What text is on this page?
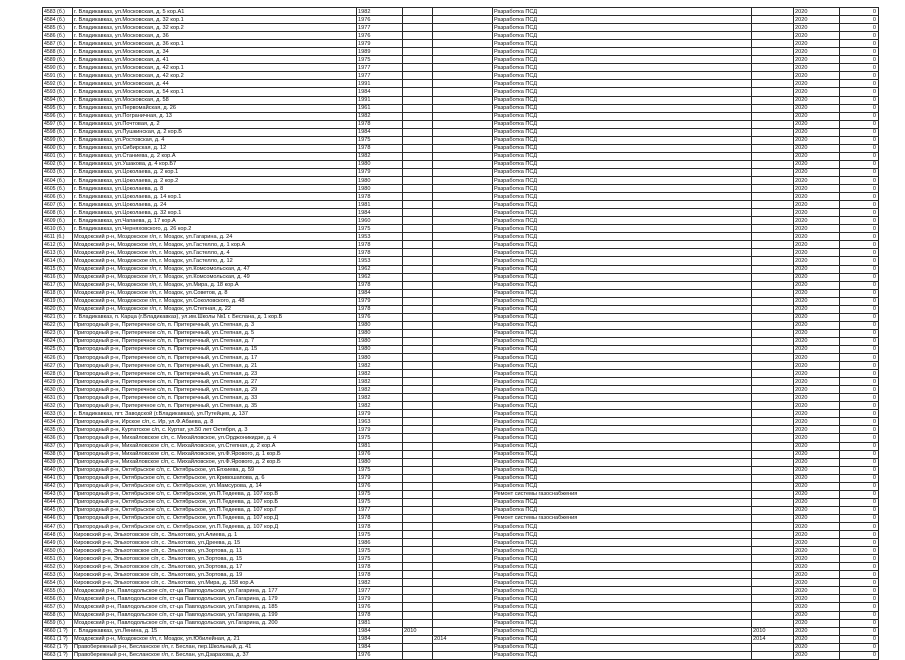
4583 (б.)	г. Владикавказ, ул.Московская, д. 5 кор.А1	1982			Разработка ПСД		2020	0
4584 (б.)	г. Владикавказ, ул.Московская, д. 32 кор.1	1976			Разработка ПСД		2020	0
4585 (б.)	г. Владикавказ, ул.Московская, д. 32 кор.2	1977			Разработка ПСД		2020	0
4586 (б.)	г. Владикавказ, ул.Московская, д. 36	1976			Разработка ПСД		2020	0
4587 (б.)	г. Владикавказ, ул.Московская, д. 36 кор.1	1979			Разработка ПСД		2020	0
4588 (б.)	г. Владикавказ, ул.Московская, д. 34	1989			Разработка ПСД		2020	0
4589 (б.)	г. Владикавказ, ул.Московская, д. 41	1975			Разработка ПСД		2020	0
4590 (б.)	г. Владикавказ, ул.Московская, д. 42 кор.1	1977			Разработка ПСД		2020	0
4591 (б.)	г. Владикавказ, ул.Московская, д. 42 кор.2	1977			Разработка ПСД		2020	0
4592 (б.)	г. Владикавказ, ул.Московская, д. 44	1991			Разработка ПСД		2020	0
4593 (б.)	г. Владикавказ, ул.Московская, д. 54 кор.1	1984			Разработка ПСД		2020	0
4594 (б.)	г. Владикавказ, ул.Московская, д. 58	1991			Разработка ПСД		2020	0
4595 (б.)	г. Владикавказ, ул.Первомайская, д. 26	1961			Разработка ПСД		2020	0
4596 (б.)	г. Владикавказ, ул.Пограничная, д. 13	1982			Разработка ПСД		2020	0
4597 (б.)	г. Владикавказ, ул.Почтовая, д. 2	1978			Разработка ПСД		2020	0
4598 (б.)	г. Владикавказ, ул.Пушкинская, д. 2 кор.Б	1984			Разработка ПСД		2020	0
4599 (б.)	г. Владикавказ, ул.Ростовская, д. 4	1975			Разработка ПСД		2020	0
4600 (б.)	г. Владикавказ, ул.Сибирская, д. 12	1978			Разработка ПСД		2020	0
4601 (б.)	г. Владикавказ, ул.Станиева, д. 2 кор.А	1982			Разработка ПСД		2020	0
4602 (б.)	г. Владикавказ, ул.Ушакова, д. 4 кор.Б7	1980			Разработка ПСД		2020	0
4603 (б.)	г. Владикавказ, ул.Цоколаева, д. 2 кор.1	1979			Разработка ПСД		2020	0
4604 (б.)	г. Владикавказ, ул.Цоколаева, д. 2 кор.2	1980			Разработка ПСД		2020	0
4605 (б.)	г. Владикавказ, ул.Цоколаева, д. 8	1980			Разработка ПСД		2020	0
4606 (б.)	г. Владикавказ, ул.Цоколаева, д. 14 кор.1	1978			Разработка ПСД		2020	0
4607 (б.)	г. Владикавказ, ул.Цоколаева, д. 24	1981			Разработка ПСД		2020	0
4608 (б.)	г. Владикавказ, ул.Цоколаева, д. 32 кор.1	1984			Разработка ПСД		2020	0
4609 (б.)	г. Владикавказ, ул.Чапаева, д. 17 кор.А	1960			Разработка ПСД		2020	0
4610 (б.)	г. Владикавказ, ул.Черняховского, д. 26 кор.2	1975			Разработка ПСД		2020	0
4611 (б.)	Моздокский р-н, Моздокское г/п, г. Моздок, ул.Гагарина, д. 24	1953			Разработка ПСД		2020	0
4612 (б.)	Моздокский р-н, Моздокское г/п, г. Моздок, ул.Гастелло, д. 1 кор.А	1978			Разработка ПСД		2020	0
4613 (б.)	Моздокский р-н, Моздокское г/п, г. Моздок, ул.Гастелло, д. 4	1978			Разработка ПСД		2020	0
4614 (б.)	Моздокский р-н, Моздокское г/п, г. Моздок, ул.Гастелло, д. 12	1953			Разработка ПСД		2020	0
4615 (б.)	Моздокский р-н, Моздокское г/п, г. Моздок, ул.Комсомольская, д. 47	1962			Разработка ПСД		2020	0
4616 (б.)	Моздокский р-н, Моздокское г/п, г. Моздок, ул.Комсомольская, д. 49	1962			Разработка ПСД		2020	0
4617 (б.)	Моздокский р-н, Моздокское г/п, г. Моздок, ул.Мира, д. 18 кор.А	1978			Разработка ПСД		2020	0
4618 (б.)	Моздокский р-н, Моздокское г/п, г. Моздок, ул.Советов, д. 8	1984			Разработка ПСД		2020	0
4619 (б.)	Моздокский р-н, Моздокское г/п, г. Моздок, ул.Соколовского, д. 48	1979			Разработка ПСД		2020	0
4620 (б.)	Моздокский р-н, Моздокское г/п, г. Моздок, ул.Степная, д. 22	1978			Разработка ПСД		2020	0
4621 (б.)	г. Владикавказ, п. Карца (г.Владикавказ), ул.им.Школы №1 г. Беслана, д. 1 кор.Б	1976			Разработка ПСД		2020	0
4622 (б.)	Пригородный р-н, Притеречное с/п, п. Притеречный, ул.Степная, д. 3	1980			Разработка ПСД		2020	0
4623 (б.)	Пригородный р-н, Притеречное с/п, п. Притеречный, ул.Степная, д. 5	1980			Разработка ПСД		2020	0
4624 (б.)	Пригородный р-н, Притеречное с/п, п. Притеречный, ул.Степная, д. 7	1980			Разработка ПСД		2020	0
4625 (б.)	Пригородный р-н, Притеречное с/п, п. Притеречный, ул.Степная, д. 15	1980			Разработка ПСД		2020	0
4626 (б.)	Пригородный р-н, Притеречное с/п, п. Притеречный, ул.Степная, д. 17	1980			Разработка ПСД		2020	0
4627 (б.)	Пригородный р-н, Притеречное с/п, п. Притеречный, ул.Степная, д. 21	1982			Разработка ПСД		2020	0
4628 (б.)	Пригородный р-н, Притеречное с/п, п. Притеречный, ул.Степная, д. 23	1982			Разработка ПСД		2020	0
4629 (б.)	Пригородный р-н, Притеречное с/п, п. Притеречный, ул.Степная, д. 27	1982			Разработка ПСД		2020	0
4630 (б.)	Пригородный р-н, Притеречное с/п, п. Притеречный, ул.Степная, д. 29	1982			Разработка ПСД		2020	0
4631 (б.)	Пригородный р-н, Притеречное с/п, п. Притеречный, ул.Степная, д. 33	1982			Разработка ПСД		2020	0
4632 (б.)	Пригородный р-н, Притеречное с/п, п. Притеречный, ул.Степная, д. 35	1982			Разработка ПСД		2020	0
4633 (б.)	г. Владикавказ, пгт. Заводской (г.Владикавказ), ул.Путейцев, д. 137	1979			Разработка ПСД		2020	0
4634 (б.)	Пригородный р-н, Ирское с/п, с. Ир, ул.Ф.Абаева, д. 8	1963			Разработка ПСД		2020	0
4635 (б.)	Пригородный р-н, Куртатское с/п, с. Куртат, ул.50 лет Октября, д. 3	1979			Разработка ПСД		2020	0
4636 (б.)	Пригородный р-н, Михайловское с/п, с. Михайловское, ул.Орджоникидзе, д. 4	1975			Разработка ПСД		2020	0
4637 (б.)	Пригородный р-н, Михайловское с/п, с. Михайловское, ул.Степная, д. 2 кор.А	1981			Разработка ПСД		2020	0
4638 (б.)	Пригородный р-н, Михайловское с/п, с. Михайловское, ул.Ф.Ярового, д. 1 кор.Б	1976			Разработка ПСД		2020	0
4639 (б.)	Пригородный р-н, Михайловское с/п, с. Михайловское, ул.Ф.Ярового, д. 2 кор.Б	1980			Разработка ПСД		2020	0
4640 (б.)	Пригородный р-н, Октябрьское с/п, с. Октябрьское, ул.Епхиева, д. 59	1975			Разработка ПСД		2020	0
4641 (б.)	Пригородный р-н, Октябрьское с/п, с. Октябрьское, ул.Кривошапова, д. 6	1979			Разработка ПСД		2020	0
4642 (б.)	Пригородный р-н, Октябрьское с/п, с. Октябрьское, ул.Мамсурова, д. 14	1976			Разработка ПСД		2020	0
4643 (б.)	Пригородный р-н, Октябрьское с/п, с. Октябрьское, ул.П.Тедеева, д. 107 кор.В	1975			Ремонт системы газоснабжения		2020	0
4644 (б.)	Пригородный р-н, Октябрьское с/п, с. Октябрьское, ул.П.Тедеева, д. 107 кор.Б	1975			Разработка ПСД		2020	0
4645 (б.)	Пригородный р-н, Октябрьское с/п, с. Октябрьское, ул.П.Тедеева, д. 107 кор.Г	1977			Разработка ПСД		2020	0
4646 (б.)	Пригородный р-н, Октябрьское с/п, с. Октябрьское, ул.П.Тедеева, д. 107 кор.Д	1978			Ремонт системы газоснабжения		2020	0
4647 (б.)	Пригородный р-н, Октябрьское с/п, с. Октябрьское, ул.П.Тедеева, д. 107 кор.Д	1978			Разработка ПСД		2020	0
4648 (б.)	Кировский р-н, Эльхотовское с/п, с. Эльхотово, ул.Алиева, д. 1	1975			Разработка ПСД		2020	0
4649 (б.)	Кировский р-н, Эльхотовское с/п, с. Эльхотово, ул.Дреева, д. 15	1986			Разработка ПСД		2020	0
4650 (б.)	Кировский р-н, Эльхотовское с/п, с. Эльхотово, ул.Зортова, д. 11	1975			Разработка ПСД		2020	0
4651 (б.)	Кировский р-н, Эльхотовское с/п, с. Эльхотово, ул.Зортова, д. 15	1975			Разработка ПСД		2020	0
4652 (б.)	Кировский р-н, Эльхотовское с/п, с. Эльхотово, ул.Зортова, д. 17	1978			Разработка ПСД		2020	0
4653 (б.)	Кировский р-н, Эльхотовское с/п, с. Эльхотово, ул.Зортова, д. 19	1978			Разработка ПСД		2020	0
4654 (б.)	Кировский р-н, Эльхотовское с/п, с. Эльхотово, ул.Мира, д. 158 кор.А	1982			Разработка ПСД		2020	0
4655 (б.)	Моздокский р-н, Павлодольское с/п, ст-ца Павлодольская, ул.Гагарина, д. 177	1977			Разработка ПСД		2020	0
4656 (б.)	Моздокский р-н, Павлодольское с/п, ст-ца Павлодольская, ул.Гагарина, д. 179	1979			Разработка ПСД		2020	0
4657 (б.)	Моздокский р-н, Павлодольское с/п, ст-ца Павлодольская, ул.Гагарина, д. 185	1976			Разработка ПСД		2020	0
4658 (б.)	Моздокский р-н, Павлодольское с/п, ст-ца Павлодольская, ул.Гагарина, д. 199	1978			Разработка ПСД		2020	0
4659 (б.)	Моздокский р-н, Павлодольское с/п, ст-ца Павлодольская, ул.Гагарина, д. 200	1981			Разработка ПСД		2020	0
4660 (1 ?)	г. Владикавказ, ул.Ленина, д. 15	1984	2010		Разработка ПСД	2010	2020	0
4661 (1 ?)	Моздокский р-н, Моздокское г/п, г. Моздок, ул.Юбилейная, д. 21	1984		2014	Разработка ПСД	2014	2020	0
4662 (1 ?)	Правобережный р-н, Бесланское г/п, г. Беслан, пер.Школьный, д. 41	1984			Разработка ПСД		2020	0
4663 (1 ?)	Правобережный р-н, Бесланское г/п, г. Беслан, ул.Дзарахова, д. 37	1976			Разработка ПСД		2020	0
